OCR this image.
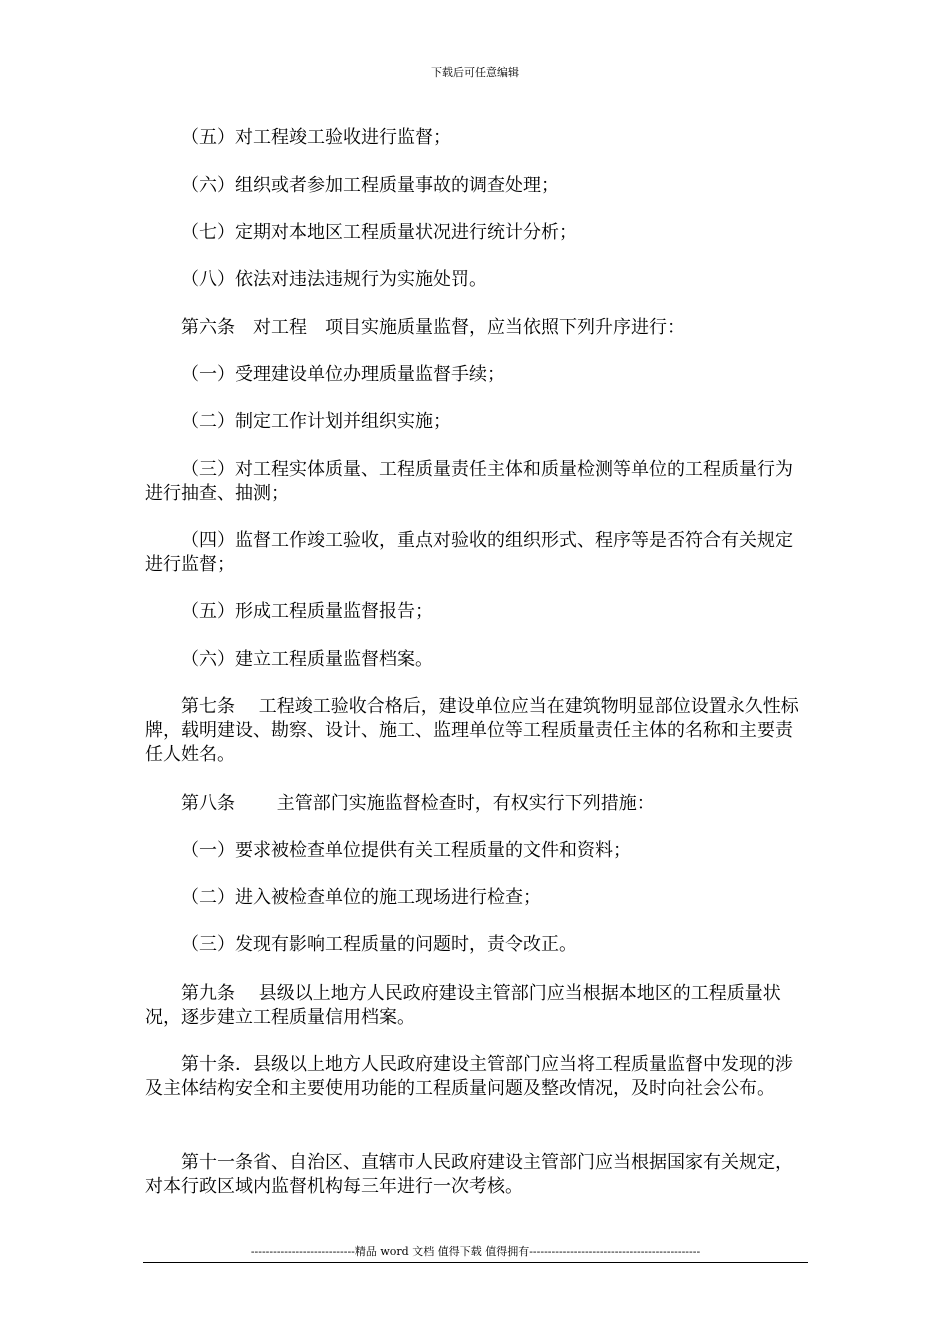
下载后可任意编辑
（五）对工程竣工验收进行监督；
（六）组织或者参加工程质量事故的调查处理；
（七）定期对本地区工程质量状况进行统计分析；
（八）依法对违法违规行为实施处罚。
第六条　对工程　项目实施质量监督，应当依照下列升序进行：
（一）受理建设单位办理质量监督手续；
（二）制定工作计划并组织实施；
（三）对工程实体质量、工程质量责任主体和质量检测等单位的工程质量行为进行抽查、抽测；
（四）监督工作竣工验收，重点对验收的组织形式、程序等是否符合有关规定进行监督；
（五）形成工程质量监督报告；
（六）建立工程质量监督档案。
第七条　 工程竣工验收合格后，建设单位应当在建筑物明显部位设置永久性标牌，载明建设、勘察、设计、施工、监理单位等工程质量责任主体的名称和主要责任人姓名。
第八条　　 主管部门实施监督检查时，有权实行下列措施：
（一）要求被检查单位提供有关工程质量的文件和资料；
（二）进入被检查单位的施工现场进行检查；
（三）发现有影响工程质量的问题时，责令改正。
第九条　 县级以上地方人民政府建设主管部门应当根据本地区的工程质量状况，逐步建立工程质量信用档案。
第十条．县级以上地方人民政府建设主管部门应当将工程质量监督中发现的涉及主体结构安全和主要使用功能的工程质量问题及整改情况，及时向社会公布。
第十一条省、自治区、直辖市人民政府建设主管部门应当根据国家有关规定，对本行政区域内监督机构每三年进行一次考核。
----------------------------精品 word 文档 值得下载 值得拥有----------------------------------------------
